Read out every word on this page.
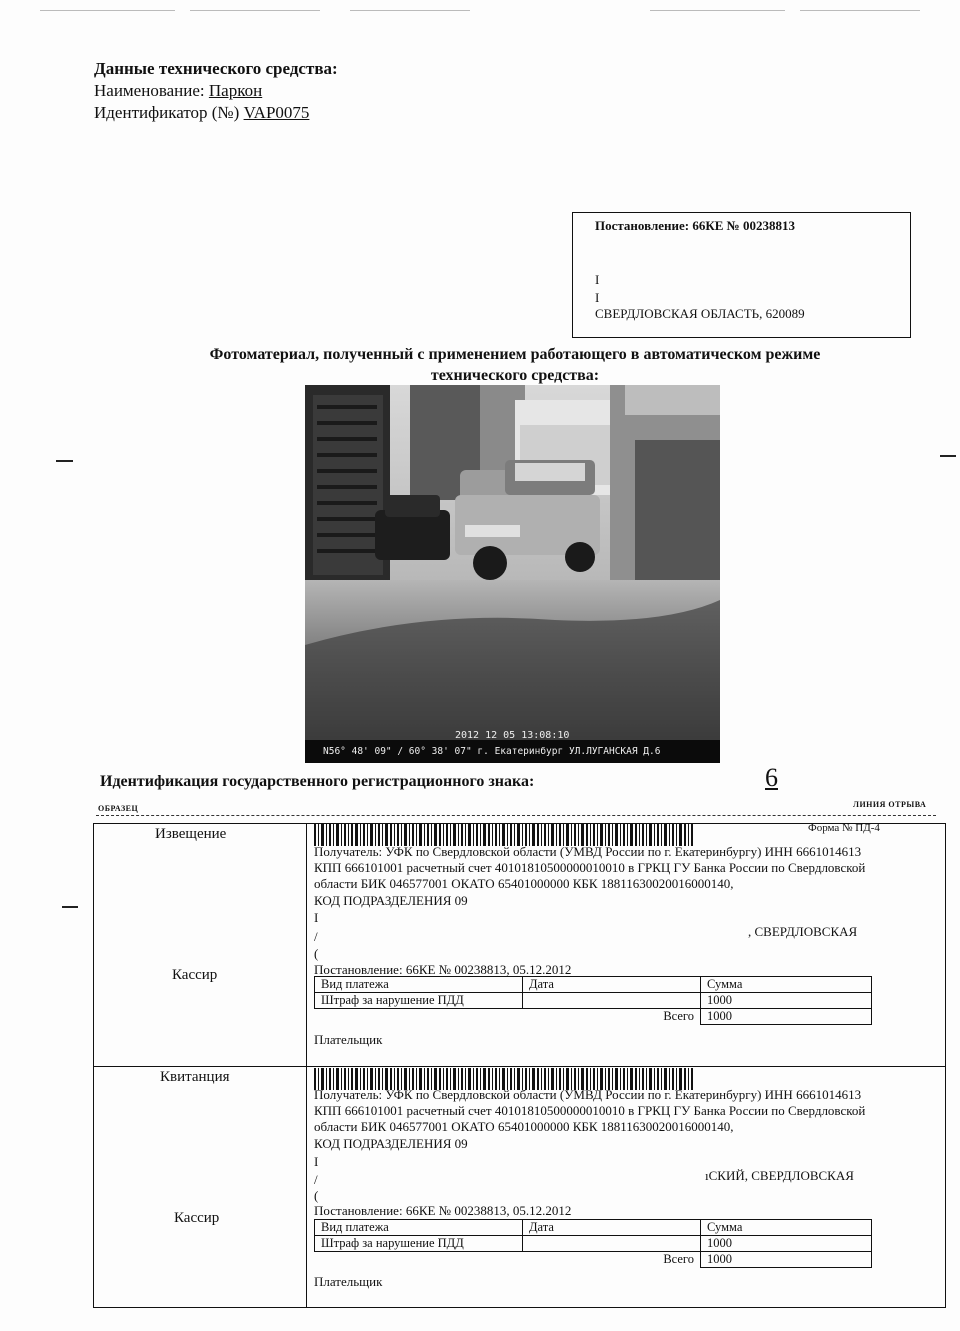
Данные технического средства:
Наименование: Паркон
Идентификатор (№) VAP0075
Постановление: 66КЕ № 00238813
I
I
СВЕРДЛОВСКАЯ ОБЛАСТЬ, 620089
Фотоматериал, полученный с применением работающего в автоматическом режиме
технического средства:
2012 12 05 13:08:10
N56° 48' 09" / 60° 38' 07" г. Екатеринбург УЛ.ЛУГАНСКАЯ Д.6
Идентификация государственного регистрационного знака:	6
ОБРАЗЕЦ	ЛИНИЯ ОТРЫВА
Форма № ПД-4
Извещение
Кассир
Получатель: УФК по Свердловской области (УМВД России по г. Екатеринбургу) ИНН 6661014613
КПП 666101001 расчетный счет 40101810500000010010 в ГРКЦ ГУ Банка России по Свердловской
области БИК 046577001 ОКАТО 65401000000 КБК 18811630020016000140,
КОД ПОДРАЗДЕЛЕНИЯ 09
I
/
(
, СВЕРДЛОВСКАЯ
Постановление: 66КЕ № 00238813, 05.12.2012
Вид платежа	Дата	Сумма
Штраф за нарушение ПДД		1000
Всего		1000
Плательщик
Квитанция
Кассир
Получатель: УФК по Свердловской области (УМВД России по г. Екатеринбургу) ИНН 6661014613
КПП 666101001 расчетный счет 40101810500000010010 в ГРКЦ ГУ Банка России по Свердловской
области БИК 046577001 ОКАТО 65401000000 КБК 18811630020016000140,
КОД ПОДРАЗДЕЛЕНИЯ 09
I
/
(
ıСКИЙ, СВЕРДЛОВСКАЯ
Постановление: 66КЕ № 00238813, 05.12.2012
Вид платежа	Дата	Сумма
Штраф за нарушение ПДД		1000
Всего		1000
Плательщик
